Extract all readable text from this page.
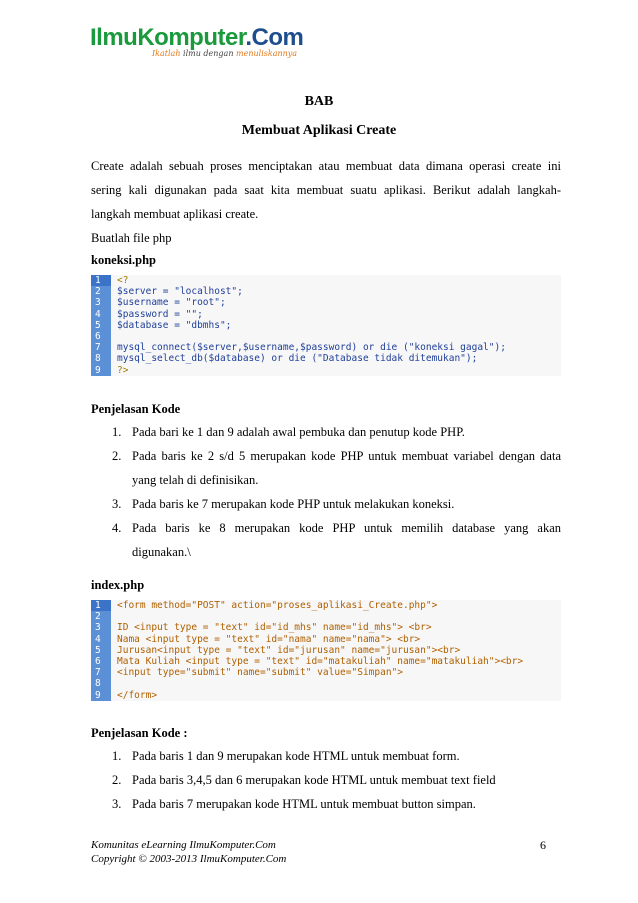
IlmuKomputer.Com
Ikatlah ilmu dengan menuliskannya
BAB
Membuat Aplikasi Create
Create adalah sebuah proses menciptakan atau membuat data dimana operasi create ini
sering kali digunakan pada saat kita membuat suatu aplikasi. Berikut adalah langkah-
langkah membuat aplikasi create.
Buatlah file php
koneksi.php
1	<?
2	$server = "localhost";
3	$username = "root";
4	$password = "";
5	$database = "dbmhs";
6
7	mysql_connect($server,$username,$password) or die ("koneksi gagal");
8	mysql_select_db($database) or die ("Database tidak ditemukan");
9	?>
Penjelasan Kode
1. Pada bari ke 1 dan 9 adalah awal pembuka dan penutup kode PHP.
2. Pada baris ke 2 s/d 5 merupakan kode PHP untuk membuat variabel dengan data
yang telah di definisikan.
3. Pada baris ke 7 merupakan kode PHP untuk melakukan koneksi.
4. Pada baris ke 8 merupakan kode PHP untuk memilih database yang akan
digunakan.\
index.php
1	<form method="POST" action="proses_aplikasi_Create.php">
2
3	ID <input type = "text" id="id_mhs" name="id_mhs"> <br>
4	Nama <input type = "text" id="nama" name="nama"> <br>
5	Jurusan<input type = "text" id="jurusan" name="jurusan"><br>
6	Mata Kuliah <input type = "text" id="matakuliah" name="matakuliah"><br>
7	<input type="submit" name="submit" value="Simpan">
8
9	</form>
Penjelasan Kode :
1. Pada baris 1 dan 9 merupakan kode HTML untuk membuat form.
2. Pada baris 3,4,5 dan 6 merupakan kode HTML untuk membuat text field
3. Pada baris 7 merupakan kode HTML untuk membuat button simpan.
Komunitas eLearning IlmuKomputer.Com
Copyright © 2003-2013 IlmuKomputer.Com
6
